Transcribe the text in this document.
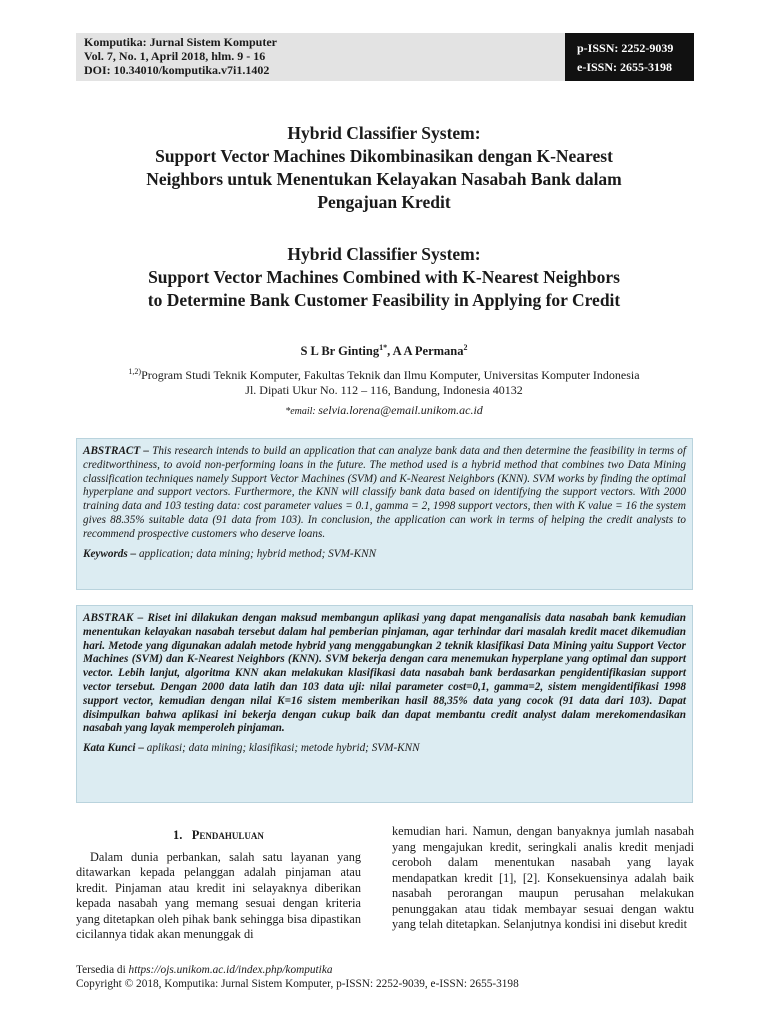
Komputika: Jurnal Sistem Komputer
Vol. 7, No. 1, April 2018, hlm. 9 - 16
DOI: 10.34010/komputika.v7i1.1402
p-ISSN: 2252-9039
e-ISSN: 2655-3198
Hybrid Classifier System:
Support Vector Machines Dikombinasikan dengan K-Nearest
Neighbors untuk Menentukan Kelayakan Nasabah Bank dalam
Pengajuan Kredit
Hybrid Classifier System:
Support Vector Machines Combined with K-Nearest Neighbors
to Determine Bank Customer Feasibility in Applying for Credit
S L Br Ginting$^{1*}$, A A Permana$^2$
$^{1,2)}$Program Studi Teknik Komputer, Fakultas Teknik dan Ilmu Komputer, Universitas Komputer Indonesia
Jl. Dipati Ukur No. 112 – 116, Bandung, Indonesia 40132
*email: selvia.lorena@email.unikom.ac.id

ABSTRACT – This research intends to build an application that can analyze bank data and then determine the feasibility in terms of creditworthiness, to avoid non-performing loans in the future. The method used is a hybrid method that combines two Data Mining classification techniques namely Support Vector Machines (SVM) and K-Nearest Neighbors (KNN). SVM works by finding the optimal hyperplane and support vectors. Furthermore, the KNN will classify bank data based on identifying the support vectors. With 2000 training data and 103 testing data: cost parameter values = 0.1, gamma = 2, 1998 support vectors, then with K value = 16 the system gives 88.35% suitable data (91 data from 103). In conclusion, the application can work in terms of helping the credit analysts to recommend prospective customers who deserve loans.

Keywords – application; data mining; hybrid method; SVM-KNN

ABSTRAK – Riset ini dilakukan dengan maksud membangun aplikasi yang dapat menganalisis data nasabah bank kemudian menentukan kelayakan nasabah tersebut dalam hal pemberian pinjaman, agar terhindar dari masalah kredit macet dikemudian hari. Metode yang digunakan adalah metode hybrid yang menggabungkan 2 teknik klasifikasi Data Mining yaitu Support Vector Machines (SVM) dan K-Nearest Neighbors (KNN). SVM bekerja dengan cara menemukan hyperplane yang optimal dan support vector. Lebih lanjut, algoritma KNN akan melakukan klasifikasi data nasabah bank berdasarkan pengidentifikasian support vector tersebut. Dengan 2000 data latih dan 103 data uji: nilai parameter cost=0,1, gamma=2, sistem mengidentifikasi 1998 support vector, kemudian dengan nilai K=16 sistem memberikan hasil 88,35% data yang cocok (91 data dari 103). Dapat disimpulkan bahwa aplikasi ini bekerja dengan cukup baik dan dapat membantu credit analyst dalam merekomendasikan nasabah yang layak memperoleh pinjaman.

Kata Kunci – aplikasi; data mining; klasifikasi; metode hybrid; SVM-KNN

1. Pendahuluan

Dalam dunia perbankan, salah satu layanan yang ditawarkan kepada pelanggan adalah pinjaman atau kredit. Pinjaman atau kredit ini selayaknya diberikan kepada nasabah yang memang sesuai dengan kriteria yang ditetapkan oleh pihak bank sehingga bisa dipastikan cicilannya tidak akan menunggak di

kemudian hari. Namun, dengan banyaknya jumlah nasabah yang mengajukan kredit, seringkali analis kredit menjadi ceroboh dalam menentukan nasabah yang layak mendapatkan kredit [1], [2]. Konsekuensinya adalah baik nasabah perorangan maupun perusahan melakukan penunggakan atau tidak membayar sesuai dengan waktu yang telah ditetapkan. Selanjutnya kondisi ini disebut kredit

Tersedia di https://ojs.unikom.ac.id/index.php/komputika
Copyright © 2018, Komputika: Jurnal Sistem Komputer, p-ISSN: 2252-9039, e-ISSN: 2655-3198
